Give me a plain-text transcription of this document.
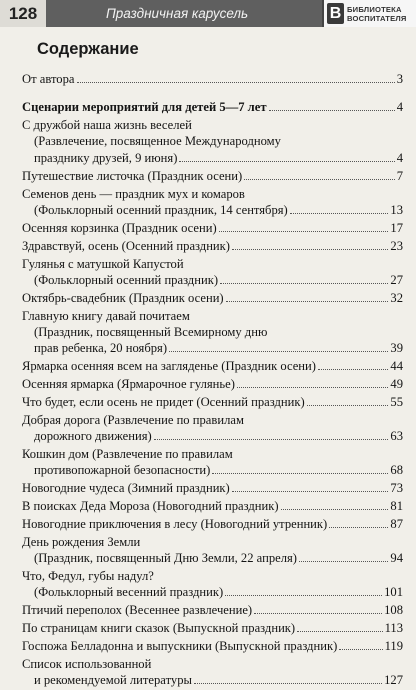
128	Праздничная карусель	В БИБЛИОТЕКА
ВОСПИТАТЕЛЯ
Содержание
От автора	3
Сценарии мероприятий для детей 5—7 лет	4
С дружбой наша жизнь веселей
(Развлечение, посвященное Международному
празднику друзей, 9 июня)	4
Путешествие листочка (Праздник осени)	7
Семенов день — праздник мух и комаров
(Фольклорный осенний праздник, 14 сентября)	13
Осенняя корзинка (Праздник осени)	17
Здравствуй, осень (Осенний праздник)	23
Гулянья с матушкой Капустой
(Фольклорный осенний праздник)	27
Октябрь-свадебник (Праздник осени)	32
Главную книгу давай почитаем
(Праздник, посвященный Всемирному дню
прав ребенка, 20 ноября)	39
Ярмарка осенняя всем на загляденье (Праздник осени)	44
Осенняя ярмарка (Ярмарочное гулянье)	49
Что будет, если осень не придет (Осенний праздник)	55
Добрая дорога (Развлечение по правилам
дорожного движения)	63
Кошкин дом (Развлечение по правилам
противопожарной безопасности)	68
Новогодние чудеса (Зимний праздник)	73
В поисках Деда Мороза (Новогодний праздник)	81
Новогодние приключения в лесу (Новогодний утренник)	87
День рождения Земли
(Праздник, посвященный Дню Земли, 22 апреля)	94
Что, Федул, губы надул?
(Фольклорный весенний праздник)	101
Птичий переполох (Весеннее развлечение)	108
По страницам книги сказок (Выпускной праздник)	113
Госпожа Белладонна и выпускники (Выпускной праздник)	119
Список использованной
и рекомендуемой литературы	127
